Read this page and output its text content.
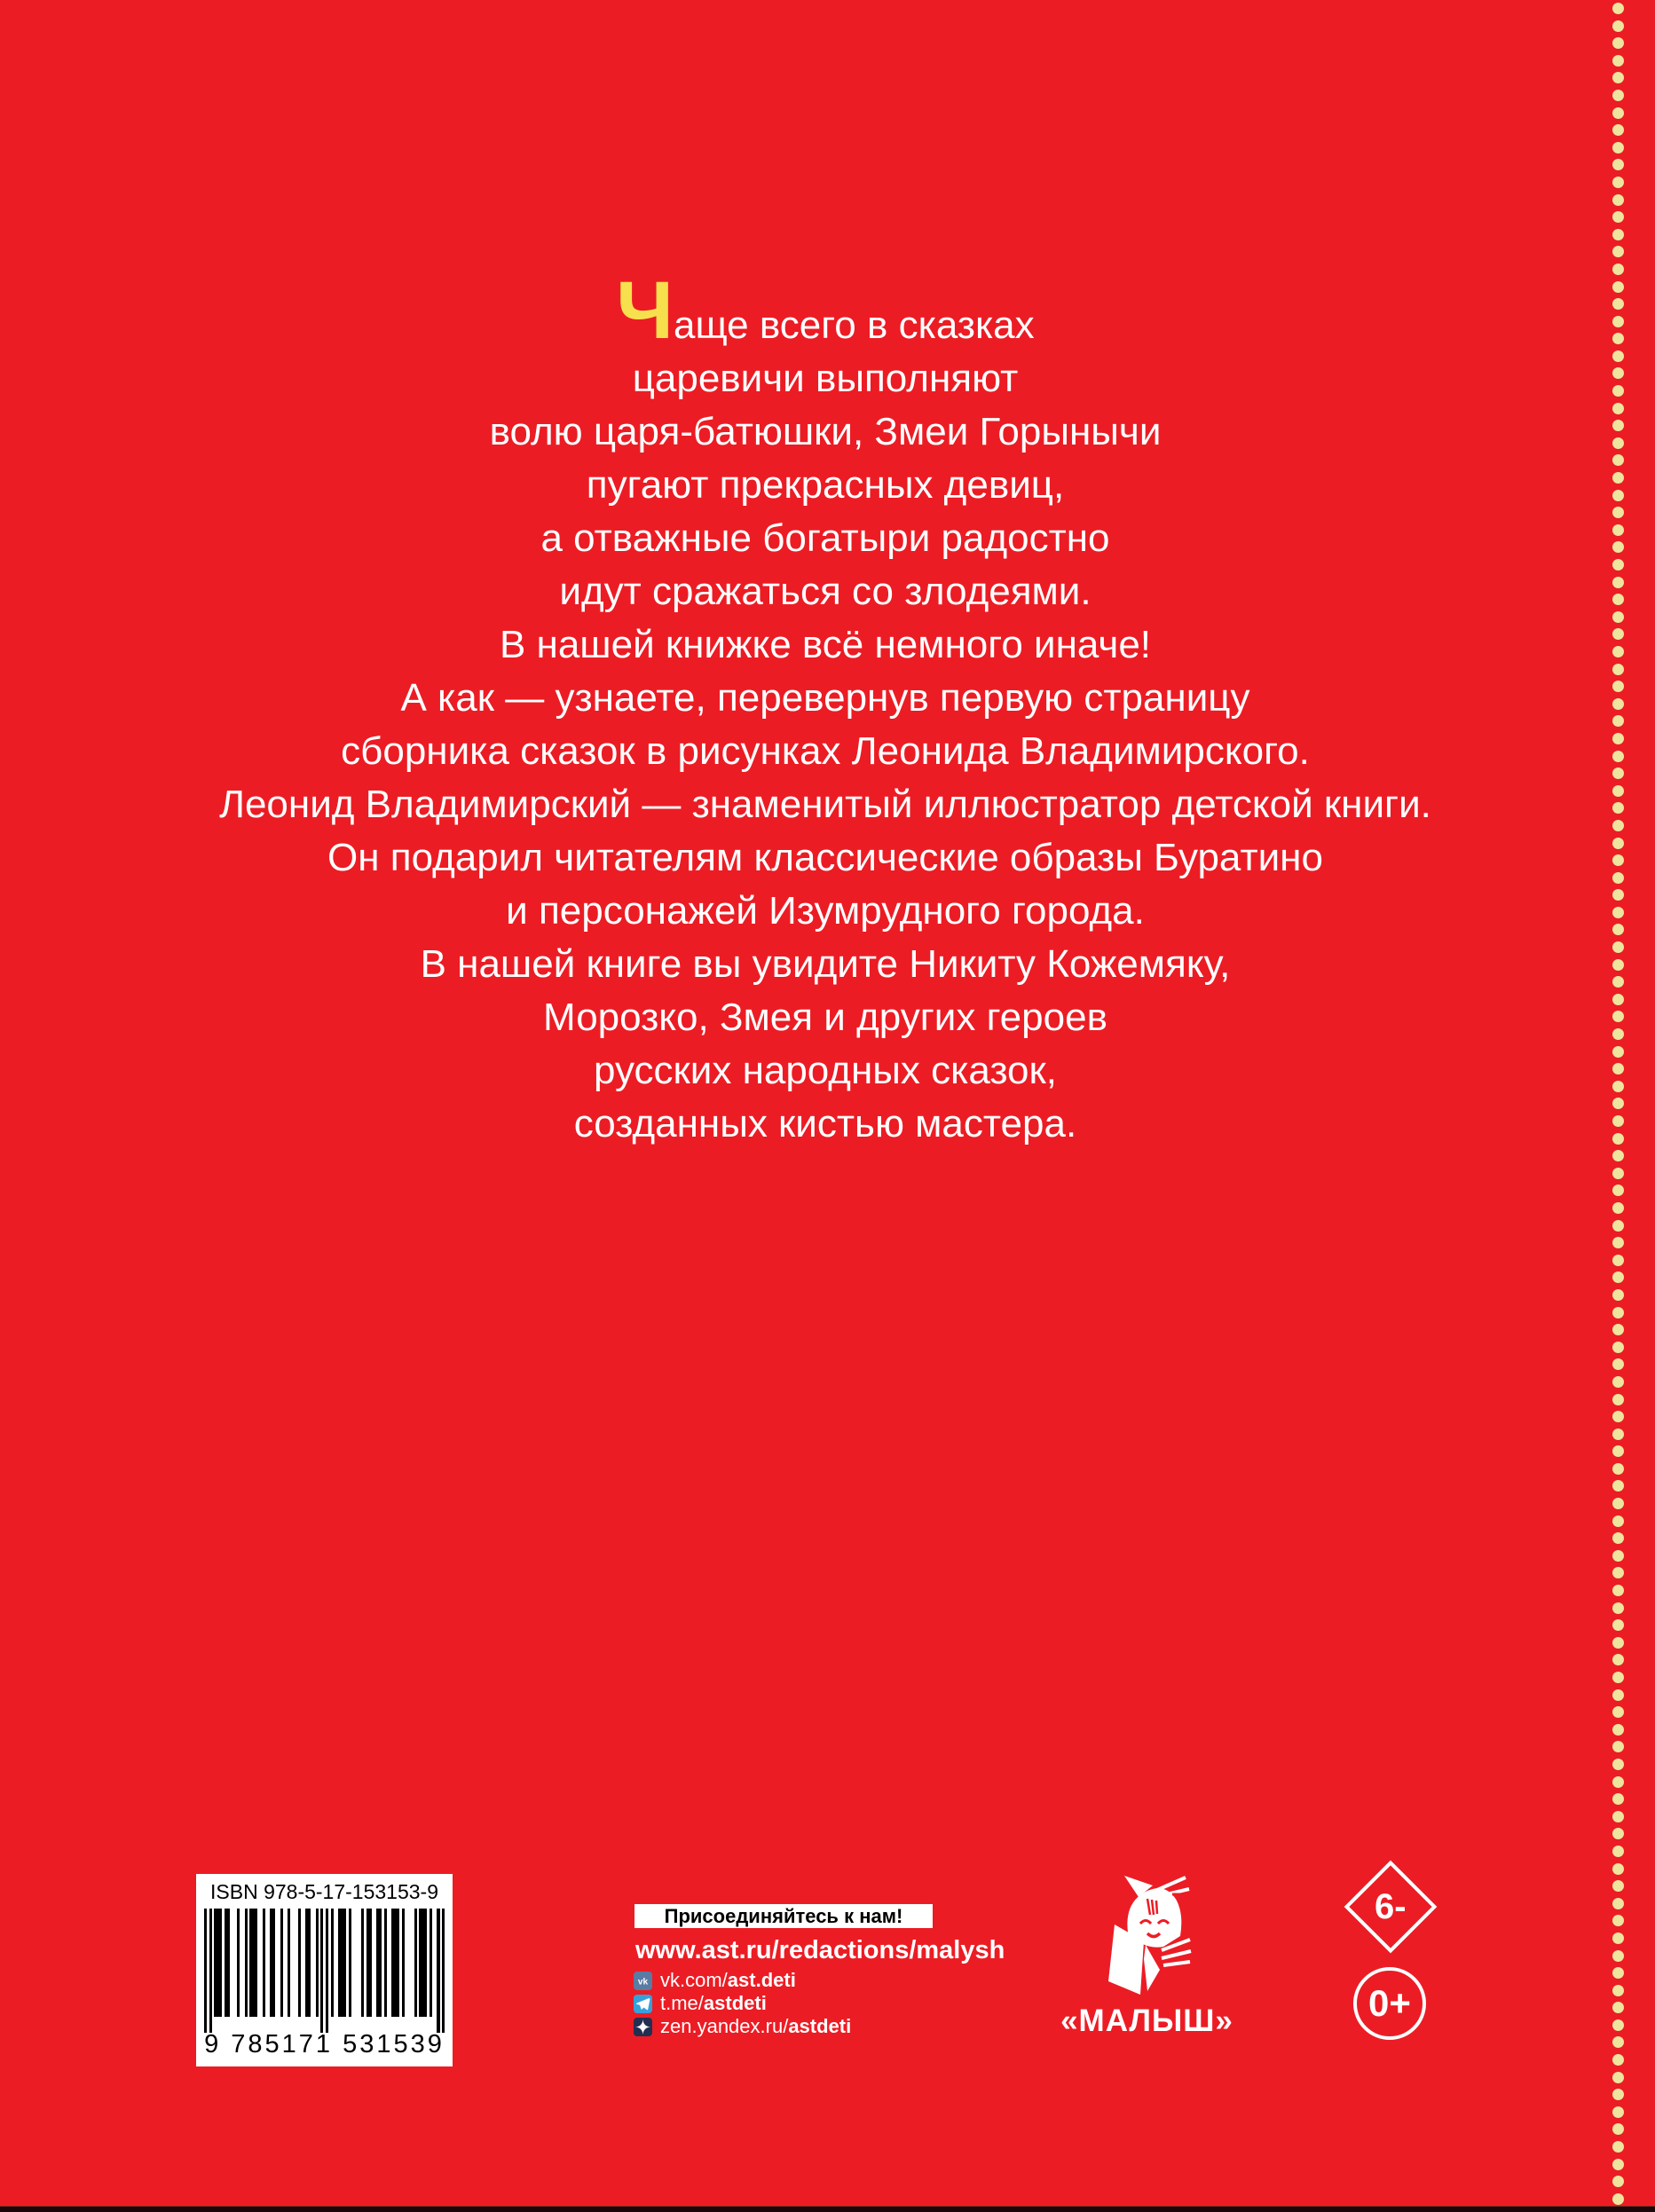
Чаще всего в сказках
царевичи выполняют
волю царя-батюшки, Змеи Горынычи
пугают прекрасных девиц,
а отважные богатыри радостно
идут сражаться со злодеями.
В нашей книжке всё немного иначе!
А как — узнаете, перевернув первую страницу
сборника сказок в рисунках Леонида Владимирского.
Леонид Владимирский — знаменитый иллюстратор детской книги.
Он подарил читателям классические образы Буратино
и персонажей Изумрудного города.
В нашей книге вы увидите Никиту Кожемяку,
Морозко, Змея и других героев
русских народных сказок,
созданных кистью мастера.
ISBN 978-5-17-153153-9
9 785171 531539
Присоединяйтесь к нам!
www.ast.ru/redactions/malysh
vk vk.com/ast.deti
t.me/astdeti
zen.yandex.ru/astdeti	«МАЛЫШ»
6-
0+
